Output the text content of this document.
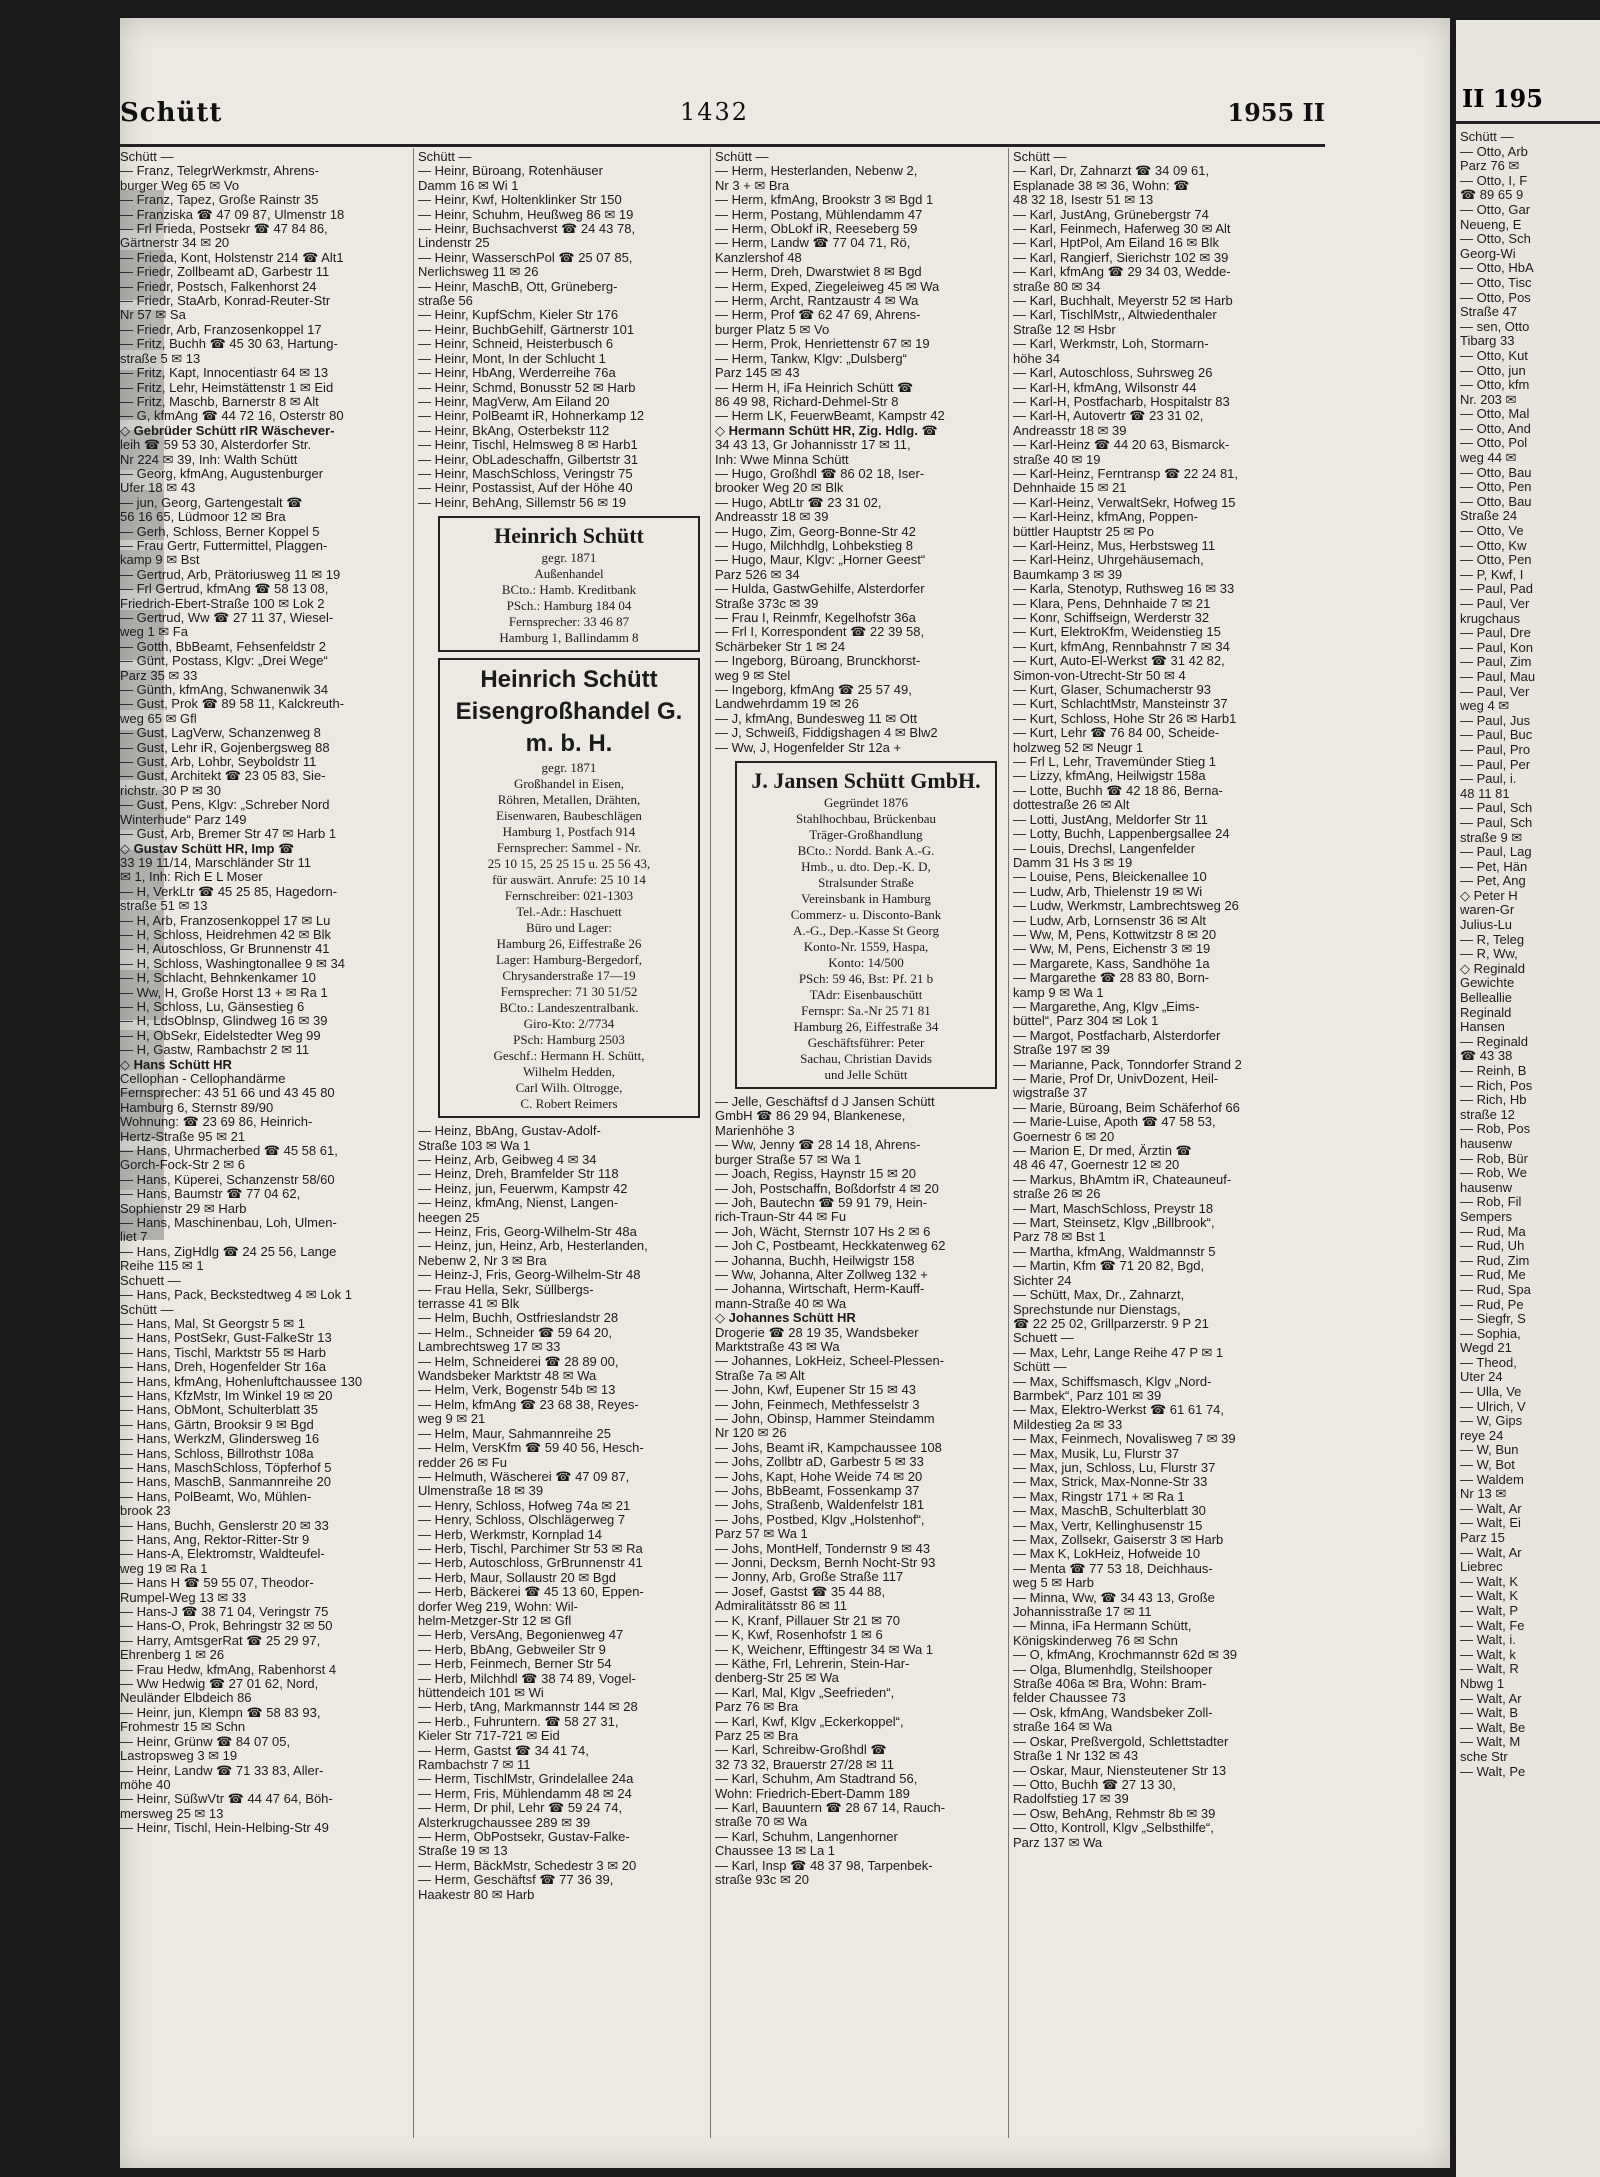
Schütt	1432	1955 II
Schütt —
— Franz, TelegrWerkmstr, Ahrens-
burger Weg 65 ✉ Vo
— Franz, Tapez, Große Rainstr 35
— Franziska ☎ 47 09 87, Ulmenstr 18
— Frl Frieda, Postsekr ☎ 47 84 86,
Gärtnerstr 34 ✉ 20
— Frieda, Kont, Holstenstr 214 ☎ Alt1
— Friedr, Zollbeamt aD, Garbestr 11
— Friedr, Postsch, Falkenhorst 24
— Friedr, StaArb, Konrad-Reuter-Str
Nr 57 ✉ Sa
— Friedr, Arb, Franzosenkoppel 17
— Fritz, Buchh ☎ 45 30 63, Hartung-
straße 5 ✉ 13
— Fritz, Kapt, Innocentiastr 64 ✉ 13
— Fritz, Lehr, Heimstättenstr 1 ✉ Eid
— Fritz, Maschb, Barnerstr 8 ✉ Alt
— G, kfmAng ☎ 44 72 16, Osterstr 80
◇ Gebrüder Schütt rIR Wäschever-
leih ☎ 59 53 30, Alsterdorfer Str.
Nr 224 ✉ 39, Inh: Walth Schütt
— Georg, kfmAng, Augustenburger
Ufer 18 ✉ 43
— jun, Georg, Gartengestalt ☎
56 16 65, Lüdmoor 12 ✉ Bra
— Gerh, Schloss, Berner Koppel 5
— Frau Gertr, Futtermittel, Plaggen-
kamp 9 ✉ Bst
— Gertrud, Arb, Prätoriusweg 11 ✉ 19
— Frl Gertrud, kfmAng ☎ 58 13 08,
Friedrich-Ebert-Straße 100 ✉ Lok 2
— Gertrud, Ww ☎ 27 11 37, Wiesel-
weg 1 ✉ Fa
— Gotth, BbBeamt, Fehsenfeldstr 2
— Günt, Postass, Klgv: „Drei Wege“
Parz 35 ✉ 33
— Günth, kfmAng, Schwanenwik 34
— Gust, Prok ☎ 89 58 11, Kalckreuth-
weg 65 ✉ Gfl
— Gust, LagVerw, Schanzenweg 8
— Gust, Lehr iR, Gojenbergsweg 88
— Gust, Arb, Lohbr, Seyboldstr 11
— Gust, Architekt ☎ 23 05 83, Sie-
richstr. 30 P ✉ 30
— Gust, Pens, Klgv: „Schreber Nord
Winterhude“ Parz 149
— Gust, Arb, Bremer Str 47 ✉ Harb 1
◇ Gustav Schütt HR, Imp ☎
33 19 11/14, Marschländer Str 11
✉ 1, Inh: Rich E L Moser
— H, VerkLtr ☎ 45 25 85, Hagedorn-
straße 51 ✉ 13
— H, Arb, Franzosenkoppel 17 ✉ Lu
— H, Schloss, Heidrehmen 42 ✉ Blk
— H, Autoschloss, Gr Brunnenstr 41
— H, Schloss, Washingtonallee 9 ✉ 34
— H, Schlacht, Behnkenkamer 10
— Ww, H, Große Horst 13 + ✉ Ra 1
— H, Schloss, Lu, Gänsestieg 6
— H, LdsOblnsp, Glindweg 16 ✉ 39
— H, ObSekr, Eidelstedter Weg 99
— H, Gastw, Rambachstr 2 ✉ 11
◇ Hans Schütt HR
Cellophan - Cellophandärme
Fernsprecher: 43 51 66 und 43 45 80
Hamburg 6, Sternstr 89/90
Wohnung: ☎ 23 69 86, Heinrich-
Hertz-Straße 95 ✉ 21
— Hans, Uhrmacherbed ☎ 45 58 61,
Gorch-Fock-Str 2 ✉ 6
— Hans, Küperei, Schanzenstr 58/60
— Hans, Baumstr ☎ 77 04 62,
Sophienstr 29 ✉ Harb
— Hans, Maschinenbau, Loh, Ulmen-
liet 7
— Hans, ZigHdlg ☎ 24 25 56, Lange
Reihe 115 ✉ 1
Schuett —
— Hans, Pack, Beckstedtweg 4 ✉ Lok 1
Schütt —
— Hans, Mal, St Georgstr 5 ✉ 1
— Hans, PostSekr, Gust-FalkeStr 13
— Hans, Tischl, Marktstr 55 ✉ Harb
— Hans, Dreh, Hogenfelder Str 16a
— Hans, kfmAng, Hohenluftchaussee 130
— Hans, KfzMstr, Im Winkel 19 ✉ 20
— Hans, ObMont, Schulterblatt 35
— Hans, Gärtn, Brooksir 9 ✉ Bgd
— Hans, WerkzM, Glindersweg 16
— Hans, Schloss, Billrothstr 108a
— Hans, MaschSchloss, Töpferhof 5
— Hans, MaschB, Sanmannreihe 20
— Hans, PolBeamt, Wo, Mühlen-
brook 23
— Hans, Buchh, Genslerstr 20 ✉ 33
— Hans, Ang, Rektor-Ritter-Str 9
— Hans-A, Elektromstr, Waldteufel-
weg 19 ✉ Ra 1
— Hans H ☎ 59 55 07, Theodor-
Rumpel-Weg 13 ✉ 33
— Hans-J ☎ 38 71 04, Veringstr 75
— Hans-O, Prok, Behringstr 32 ✉ 50
— Harry, AmtsgerRat ☎ 25 29 97,
Ehrenberg 1 ✉ 26
— Frau Hedw, kfmAng, Rabenhorst 4
— Ww Hedwig ☎ 27 01 62, Nord,
Neuländer Elbdeich 86
— Heinr, jun, Klempn ☎ 58 83 93,
Frohmestr 15 ✉ Schn
— Heinr, Grünw ☎ 84 07 05,
Lastropsweg 3 ✉ 19
— Heinr, Landw ☎ 71 33 83, Aller-
möhe 40
— Heinr, SüßwVtr ☎ 44 47 64, Böh-
mersweg 25 ✉ 13
— Heinr, Tischl, Hein-Helbing-Str 49
Schütt —
— Heinr, Büroang, Rotenhäuser
Damm 16 ✉ Wi 1
— Heinr, Kwf, Holtenklinker Str 150
— Heinr, Schuhm, Heußweg 86 ✉ 19
— Heinr, Buchsachverst ☎ 24 43 78,
Lindenstr 25
— Heinr, WasserschPol ☎ 25 07 85,
Nerlichsweg 11 ✉ 26
— Heinr, MaschB, Ott, Grüneberg-
straße 56
— Heinr, KupfSchm, Kieler Str 176
— Heinr, BuchbGehilf, Gärtnerstr 101
— Heinr, Schneid, Heisterbusch 6
— Heinr, Mont, In der Schlucht 1
— Heinr, HbAng, Werderreihe 76a
— Heinr, Schmd, Bonusstr 52 ✉ Harb
— Heinr, MagVerw, Am Eiland 20
— Heinr, PolBeamt iR, Hohnerkamp 12
— Heinr, BkAng, Osterbekstr 112
— Heinr, Tischl, Helmsweg 8 ✉ Harb1
— Heinr, ObLadeschaffn, Gilbertstr 31
— Heinr, MaschSchloss, Veringstr 75
— Heinr, Postassist, Auf der Höhe 40
— Heinr, BehAng, Sillemstr 56 ✉ 19
Heinrich Schütt
gegr. 1871
Außenhandel
BCto.: Hamb. Kreditbank
PSch.: Hamburg 184 04
Fernsprecher: 33 46 87
Hamburg 1, Ballindamm 8
Heinrich Schütt
Eisengroßhandel G. m. b. H.
gegr. 1871
Großhandel in Eisen,
Röhren, Metallen, Drähten,
Eisenwaren, Baubeschlägen
Hamburg 1, Postfach 914
Fernsprecher: Sammel - Nr.
25 10 15, 25 25 15 u. 25 56 43,
für auswärt. Anrufe: 25 10 14
Fernschreiber: 021-1303
Tel.-Adr.: Haschuett
Büro und Lager:
Hamburg 26, Eiffestraße 26
Lager: Hamburg-Bergedorf,
Chrysanderstraße 17—19
Fernsprecher: 71 30 51/52
BCto.: Landeszentralbank.
Giro-Kto: 2/7734
PSch: Hamburg 2503
Geschf.: Hermann H. Schütt,
Wilhelm Hedden,
Carl Wilh. Oltrogge,
C. Robert Reimers
— Heinz, BbAng, Gustav-Adolf-
Straße 103 ✉ Wa 1
— Heinz, Arb, Geibweg 4 ✉ 34
— Heinz, Dreh, Bramfelder Str 118
— Heinz, jun, Feuerwm, Kampstr 42
— Heinz, kfmAng, Nienst, Langen-
heegen 25
— Heinz, Fris, Georg-Wilhelm-Str 48a
— Heinz, jun, Heinz, Arb, Hesterlanden,
Nebenw 2, Nr 3 ✉ Bra
— Heinz-J, Fris, Georg-Wilhelm-Str 48
— Frau Hella, Sekr, Süllbergs-
terrasse 41 ✉ Blk
— Helm, Buchh, Ostfrieslandstr 28
— Helm., Schneider ☎ 59 64 20,
Lambrechtsweg 17 ✉ 33
— Helm, Schneiderei ☎ 28 89 00,
Wandsbeker Marktstr 48 ✉ Wa
— Helm, Verk, Bogenstr 54b ✉ 13
— Helm, kfmAng ☎ 23 68 38, Reyes-
weg 9 ✉ 21
— Helm, Maur, Sahmannreihe 25
— Helm, VersKfm ☎ 59 40 56, Hesch-
redder 26 ✉ Fu
— Helmuth, Wäscherei ☎ 47 09 87,
Ulmenstraße 18 ✉ 39
— Henry, Schloss, Hofweg 74a ✉ 21
— Henry, Schloss, Olschlägerweg 7
— Herb, Werkmstr, Kornplad 14
— Herb, Tischl, Parchimer Str 53 ✉ Ra
— Herb, Autoschloss, GrBrunnenstr 41
— Herb, Maur, Sollaustr 20 ✉ Bgd
— Herb, Bäckerei ☎ 45 13 60, Eppen-
dorfer Weg 219, Wohn: Wil-
helm-Metzger-Str 12 ✉ Gfl
— Herb, VersAng, Begonienweg 47
— Herb, BbAng, Gebweiler Str 9
— Herb, Feinmech, Berner Str 54
— Herb, Milchhdl ☎ 38 74 89, Vogel-
hüttendeich 101 ✉ Wi
— Herb, tAng, Markmannstr 144 ✉ 28
— Herb., Fuhruntern. ☎ 58 27 31,
Kieler Str 717-721 ✉ Eid
— Herm, Gastst ☎ 34 41 74,
Rambachstr 7 ✉ 11
— Herm, TischlMstr, Grindelallee 24a
— Herm, Fris, Mühlendamm 48 ✉ 24
— Herm, Dr phil, Lehr ☎ 59 24 74,
Alsterkrugchaussee 289 ✉ 39
— Herm, ObPostsekr, Gustav-Falke-
Straße 19 ✉ 13
— Herm, BäckMstr, Schedestr 3 ✉ 20
— Herm, Geschäftsf ☎ 77 36 39,
Haakestr 80 ✉ Harb
Schütt —
— Herm, Hesterlanden, Nebenw 2,
Nr 3 + ✉ Bra
— Herm, kfmAng, Brookstr 3 ✉ Bgd 1
— Herm, Postang, Mühlendamm 47
— Herm, ObLokf iR, Reeseberg 59
— Herm, Landw ☎ 77 04 71, Rö,
Kanzlershof 48
— Herm, Dreh, Dwarstwiet 8 ✉ Bgd
— Herm, Exped, Ziegeleiweg 45 ✉ Wa
— Herm, Archt, Rantzaustr 4 ✉ Wa
— Herm, Prof ☎ 62 47 69, Ahrens-
burger Platz 5 ✉ Vo
— Herm, Prok, Henriettenstr 67 ✉ 19
— Herm, Tankw, Klgv: „Dulsberg“
Parz 145 ✉ 43
— Herm H, iFa Heinrich Schütt ☎
86 49 98, Richard-Dehmel-Str 8
— Herm LK, FeuerwBeamt, Kampstr 42
◇ Hermann Schütt HR, Zig. Hdlg. ☎
34 43 13, Gr Johannisstr 17 ✉ 11,
Inh: Wwe Minna Schütt
— Hugo, Großhdl ☎ 86 02 18, Iser-
brooker Weg 20 ✉ Blk
— Hugo, AbtLtr ☎ 23 31 02,
Andreasstr 18 ✉ 39
— Hugo, Zim, Georg-Bonne-Str 42
— Hugo, Milchhdlg, Lohbekstieg 8
— Hugo, Maur, Klgv: „Horner Geest“
Parz 526 ✉ 34
— Hulda, GastwGehilfe, Alsterdorfer
Straße 373c ✉ 39
— Frau I, Reinmfr, Kegelhofstr 36a
— Frl I, Korrespondent ☎ 22 39 58,
Schärbeker Str 1 ✉ 24
— Ingeborg, Büroang, Brunckhorst-
weg 9 ✉ Stel
— Ingeborg, kfmAng ☎ 25 57 49,
Landwehrdamm 19 ✉ 26
— J, kfmAng, Bundesweg 11 ✉ Ott
— J, Schweiß, Fiddigshagen 4 ✉ Blw2
— Ww, J, Hogenfelder Str 12a +
J. Jansen Schütt GmbH.
Gegründet 1876
Stahlhochbau, Brückenbau
Träger-Großhandlung
BCto.: Nordd. Bank A.-G.
Hmb., u. dto. Dep.-K. D,
Stralsunder Straße
Vereinsbank in Hamburg
Commerz- u. Disconto-Bank
A.-G., Dep.-Kasse St Georg
Konto-Nr. 1559, Haspa,
Konto: 14/500
PSch: 59 46, Bst: Pf. 21 b
TAdr: Eisenbauschütt
Fernspr: Sa.-Nr 25 71 81
Hamburg 26, Eiffestraße 34
Geschäftsführer: Peter
Sachau, Christian Davids
und Jelle Schütt
— Jelle, Geschäftsf d J Jansen Schütt
GmbH ☎ 86 29 94, Blankenese,
Marienhöhe 3
— Ww, Jenny ☎ 28 14 18, Ahrens-
burger Straße 57 ✉ Wa 1
— Joach, Regiss, Haynstr 15 ✉ 20
— Joh, Postschaffn, Boßdorfstr 4 ✉ 20
— Joh, Bautechn ☎ 59 91 79, Hein-
rich-Traun-Str 44 ✉ Fu
— Joh, Wächt, Sternstr 107 Hs 2 ✉ 6
— Joh C, Postbeamt, Heckkatenweg 62
— Johanna, Buchh, Heilwigstr 158
— Ww, Johanna, Alter Zollweg 132 +
— Johanna, Wirtschaft, Herm-Kauff-
mann-Straße 40 ✉ Wa
◇ Johannes Schütt HR
Drogerie ☎ 28 19 35, Wandsbeker
Marktstraße 43 ✉ Wa
— Johannes, LokHeiz, Scheel-Plessen-
Straße 7a ✉ Alt
— John, Kwf, Eupener Str 15 ✉ 43
— John, Feinmech, Methfesselstr 3
— John, Obinsp, Hammer Steindamm
Nr 120 ✉ 26
— Johs, Beamt iR, Kampchaussee 108
— Johs, Zollbtr aD, Garbestr 5 ✉ 33
— Johs, Kapt, Hohe Weide 74 ✉ 20
— Johs, BbBeamt, Fossenkamp 37
— Johs, Straßenb, Waldenfelstr 181
— Johs, Postbed, Klgv „Holstenhof“,
Parz 57 ✉ Wa 1
— Johs, MontHelf, Tondernstr 9 ✉ 43
— Jonni, Decksm, Bernh Nocht-Str 93
— Jonny, Arb, Große Straße 117
— Josef, Gastst ☎ 35 44 88,
Admiralitätsstr 86 ✉ 11
— K, Kranf, Pillauer Str 21 ✉ 70
— K, Kwf, Rosenhofstr 1 ✉ 6
— K, Weichenr, Efftingestr 34 ✉ Wa 1
— Käthe, Frl, Lehrerin, Stein-Har-
denberg-Str 25 ✉ Wa
— Karl, Mal, Klgv „Seefrieden“,
Parz 76 ✉ Bra
— Karl, Kwf, Klgv „Eckerkoppel“,
Parz 25 ✉ Bra
— Karl, Schreibw-Großhdl ☎
32 73 32, Brauerstr 27/28 ✉ 11
— Karl, Schuhm, Am Stadtrand 56,
Wohn: Friedrich-Ebert-Damm 189
— Karl, Bauuntern ☎ 28 67 14, Rauch-
straße 70 ✉ Wa
— Karl, Schuhm, Langenhorner
Chaussee 13 ✉ La 1
— Karl, Insp ☎ 48 37 98, Tarpenbek-
straße 93c ✉ 20
Schütt —
— Karl, Dr, Zahnarzt ☎ 34 09 61,
Esplanade 38 ✉ 36, Wohn: ☎
48 32 18, Isestr 51 ✉ 13
— Karl, JustAng, Grünebergstr 74
— Karl, Feinmech, Haferweg 30 ✉ Alt
— Karl, HptPol, Am Eiland 16 ✉ Blk
— Karl, Rangierf, Sierichstr 102 ✉ 39
— Karl, kfmAng ☎ 29 34 03, Wedde-
straße 80 ✉ 34
— Karl, Buchhalt, Meyerstr 52 ✉ Harb
— Karl, TischlMstr,, Altwiedenthaler
Straße 12 ✉ Hsbr
— Karl, Werkmstr, Loh, Stormarn-
höhe 34
— Karl, Autoschloss, Suhrsweg 26
— Karl-H, kfmAng, Wilsonstr 44
— Karl-H, Postfacharb, Hospitalstr 83
— Karl-H, Autovertr ☎ 23 31 02,
Andreasstr 18 ✉ 39
— Karl-Heinz ☎ 44 20 63, Bismarck-
straße 40 ✉ 19
— Karl-Heinz, Ferntransp ☎ 22 24 81,
Dehnhaide 15 ✉ 21
— Karl-Heinz, VerwaltSekr, Hofweg 15
— Karl-Heinz, kfmAng, Poppen-
büttler Hauptstr 25 ✉ Po
— Karl-Heinz, Mus, Herbstsweg 11
— Karl-Heinz, Uhrgehäusemach,
Baumkamp 3 ✉ 39
— Karla, Stenotyp, Ruthsweg 16 ✉ 33
— Klara, Pens, Dehnhaide 7 ✉ 21
— Konr, Schiffseign, Werderstr 32
— Kurt, ElektroKfm, Weidenstieg 15
— Kurt, kfmAng, Rennbahnstr 7 ✉ 34
— Kurt, Auto-El-Werkst ☎ 31 42 82,
Simon-von-Utrecht-Str 50 ✉ 4
— Kurt, Glaser, Schumacherstr 93
— Kurt, SchlachtMstr, Mansteinstr 37
— Kurt, Schloss, Hohe Str 26 ✉ Harb1
— Kurt, Lehr ☎ 76 84 00, Scheide-
holzweg 52 ✉ Neugr 1
— Frl L, Lehr, Travemünder Stieg 1
— Lizzy, kfmAng, Heilwigstr 158a
— Lotte, Buchh ☎ 42 18 86, Berna-
dottestraße 26 ✉ Alt
— Lotti, JustAng, Meldorfer Str 11
— Lotty, Buchh, Lappenbergsallee 24
— Louis, Drechsl, Langenfelder
Damm 31 Hs 3 ✉ 19
— Louise, Pens, Bleickenallee 10
— Ludw, Arb, Thielenstr 19 ✉ Wi
— Ludw, Werkmstr, Lambrechtsweg 26
— Ludw, Arb, Lornsenstr 36 ✉ Alt
— Ww, M, Pens, Kottwitzstr 8 ✉ 20
— Ww, M, Pens, Eichenstr 3 ✉ 19
— Margarete, Kass, Sandhöhe 1a
— Margarethe ☎ 28 83 80, Born-
kamp 9 ✉ Wa 1
— Margarethe, Ang, Klgv „Eims-
büttel“, Parz 304 ✉ Lok 1
— Margot, Postfacharb, Alsterdorfer
Straße 197 ✉ 39
— Marianne, Pack, Tonndorfer Strand 2
— Marie, Prof Dr, UnivDozent, Heil-
wigstraße 37
— Marie, Büroang, Beim Schäferhof 66
— Marie-Luise, Apoth ☎ 47 58 53,
Goernestr 6 ✉ 20
— Marion E, Dr med, Ärztin ☎
48 46 47, Goernestr 12 ✉ 20
— Markus, BhAmtm iR, Chateauneuf-
straße 26 ✉ 26
— Mart, MaschSchloss, Preystr 18
— Mart, Steinsetz, Klgv „Billbrook“,
Parz 78 ✉ Bst 1
— Martha, kfmAng, Waldmannstr 5
— Martin, Kfm ☎ 71 20 82, Bgd,
Sichter 24
— Schütt, Max, Dr., Zahnarzt,
Sprechstunde nur Dienstags,
☎ 22 25 02, Grillparzerstr. 9 P 21
Schuett —
— Max, Lehr, Lange Reihe 47 P ✉ 1
Schütt —
— Max, Schiffsmasch, Klgv „Nord-
Barmbek“, Parz 101 ✉ 39
— Max, Elektro-Werkst ☎ 61 61 74,
Mildestieg 2a ✉ 33
— Max, Feinmech, Novalisweg 7 ✉ 39
— Max, Musik, Lu, Flurstr 37
— Max, jun, Schloss, Lu, Flurstr 37
— Max, Strick, Max-Nonne-Str 33
— Max, Ringstr 171 + ✉ Ra 1
— Max, MaschB, Schulterblatt 30
— Max, Vertr, Kellinghusenstr 15
— Max, Zollsekr, Gaiserstr 3 ✉ Harb
— Max K, LokHeiz, Hofweide 10
— Menta ☎ 77 53 18, Deichhaus-
weg 5 ✉ Harb
— Minna, Ww, ☎ 34 43 13, Große
Johannisstraße 17 ✉ 11
— Minna, iFa Hermann Schütt,
Königskinderweg 76 ✉ Schn
— O, kfmAng, Krochmannstr 62d ✉ 39
— Olga, Blumenhdlg, Steilshooper
Straße 406a ✉ Bra, Wohn: Bram-
felder Chaussee 73
— Osk, kfmAng, Wandsbeker Zoll-
straße 164 ✉ Wa
— Oskar, Preßvergold, Schlettstadter
Straße 1 Nr 132 ✉ 43
— Oskar, Maur, Niensteutener Str 13
— Otto, Buchh ☎ 27 13 30,
Radolfstieg 17 ✉ 39
— Osw, BehAng, Rehmstr 8b ✉ 39
— Otto, Kontroll, Klgv „Selbsthilfe“,
Parz 137 ✉ Wa
II 195
Schütt —
— Otto, Arb
Parz 76 ✉
— Otto, I, F
☎ 89 65 9
— Otto, Gar
Neueng, E
— Otto, Sch
Georg-Wi
— Otto, HbA
— Otto, Tisc
— Otto, Pos
Straße 47
— sen, Otto
Tibarg 33
— Otto, Kut
— Otto, jun
— Otto, kfm
Nr. 203 ✉
— Otto, Mal
— Otto, And
— Otto, Pol
weg 44 ✉
— Otto, Bau
— Otto, Pen
— Otto, Bau
Straße 24
— Otto, Ve
— Otto, Kw
— Otto, Pen
— P, Kwf, I
— Paul, Pad
— Paul, Ver
krugchaus
— Paul, Dre
— Paul, Kon
— Paul, Zim
— Paul, Mau
— Paul, Ver
weg 4 ✉
— Paul, Jus
— Paul, Buc
— Paul, Pro
— Paul, Per
— Paul, i.
48 11 81
— Paul, Sch
— Paul, Sch
straße 9 ✉
— Paul, Lag
— Pet, Hän
— Pet, Ang
◇ Peter H
waren-Gr
Julius-Lu
— R, Teleg
— R, Ww,
◇ Reginald
Gewichte
Belleallie
Reginald
Hansen
— Reginald
☎ 43 38
— Reinh, B
— Rich, Pos
— Rich, Hb
straße 12
— Rob, Pos
hausenw
— Rob, Bür
— Rob, We
hausenw
— Rob, Fil
Sempers
— Rud, Ma
— Rud, Uh
— Rud, Zim
— Rud, Me
— Rud, Spa
— Rud, Pe
— Siegfr, S
— Sophia,
Wegd 21
— Theod,
Uter 24
— Ulla, Ve
— Ulrich, V
— W, Gips
reye 24
— W, Bun
— W, Bot
— Waldem
Nr 13 ✉
— Walt, Ar
— Walt, Ei
Parz 15
— Walt, Ar
Liebrec
— Walt, K
— Walt, K
— Walt, P
— Walt, Fe
— Walt, i.
— Walt, k
— Walt, R
Nbwg 1
— Walt, Ar
— Walt, B
— Walt, Be
— Walt, M
sche Str
— Walt, Pe
